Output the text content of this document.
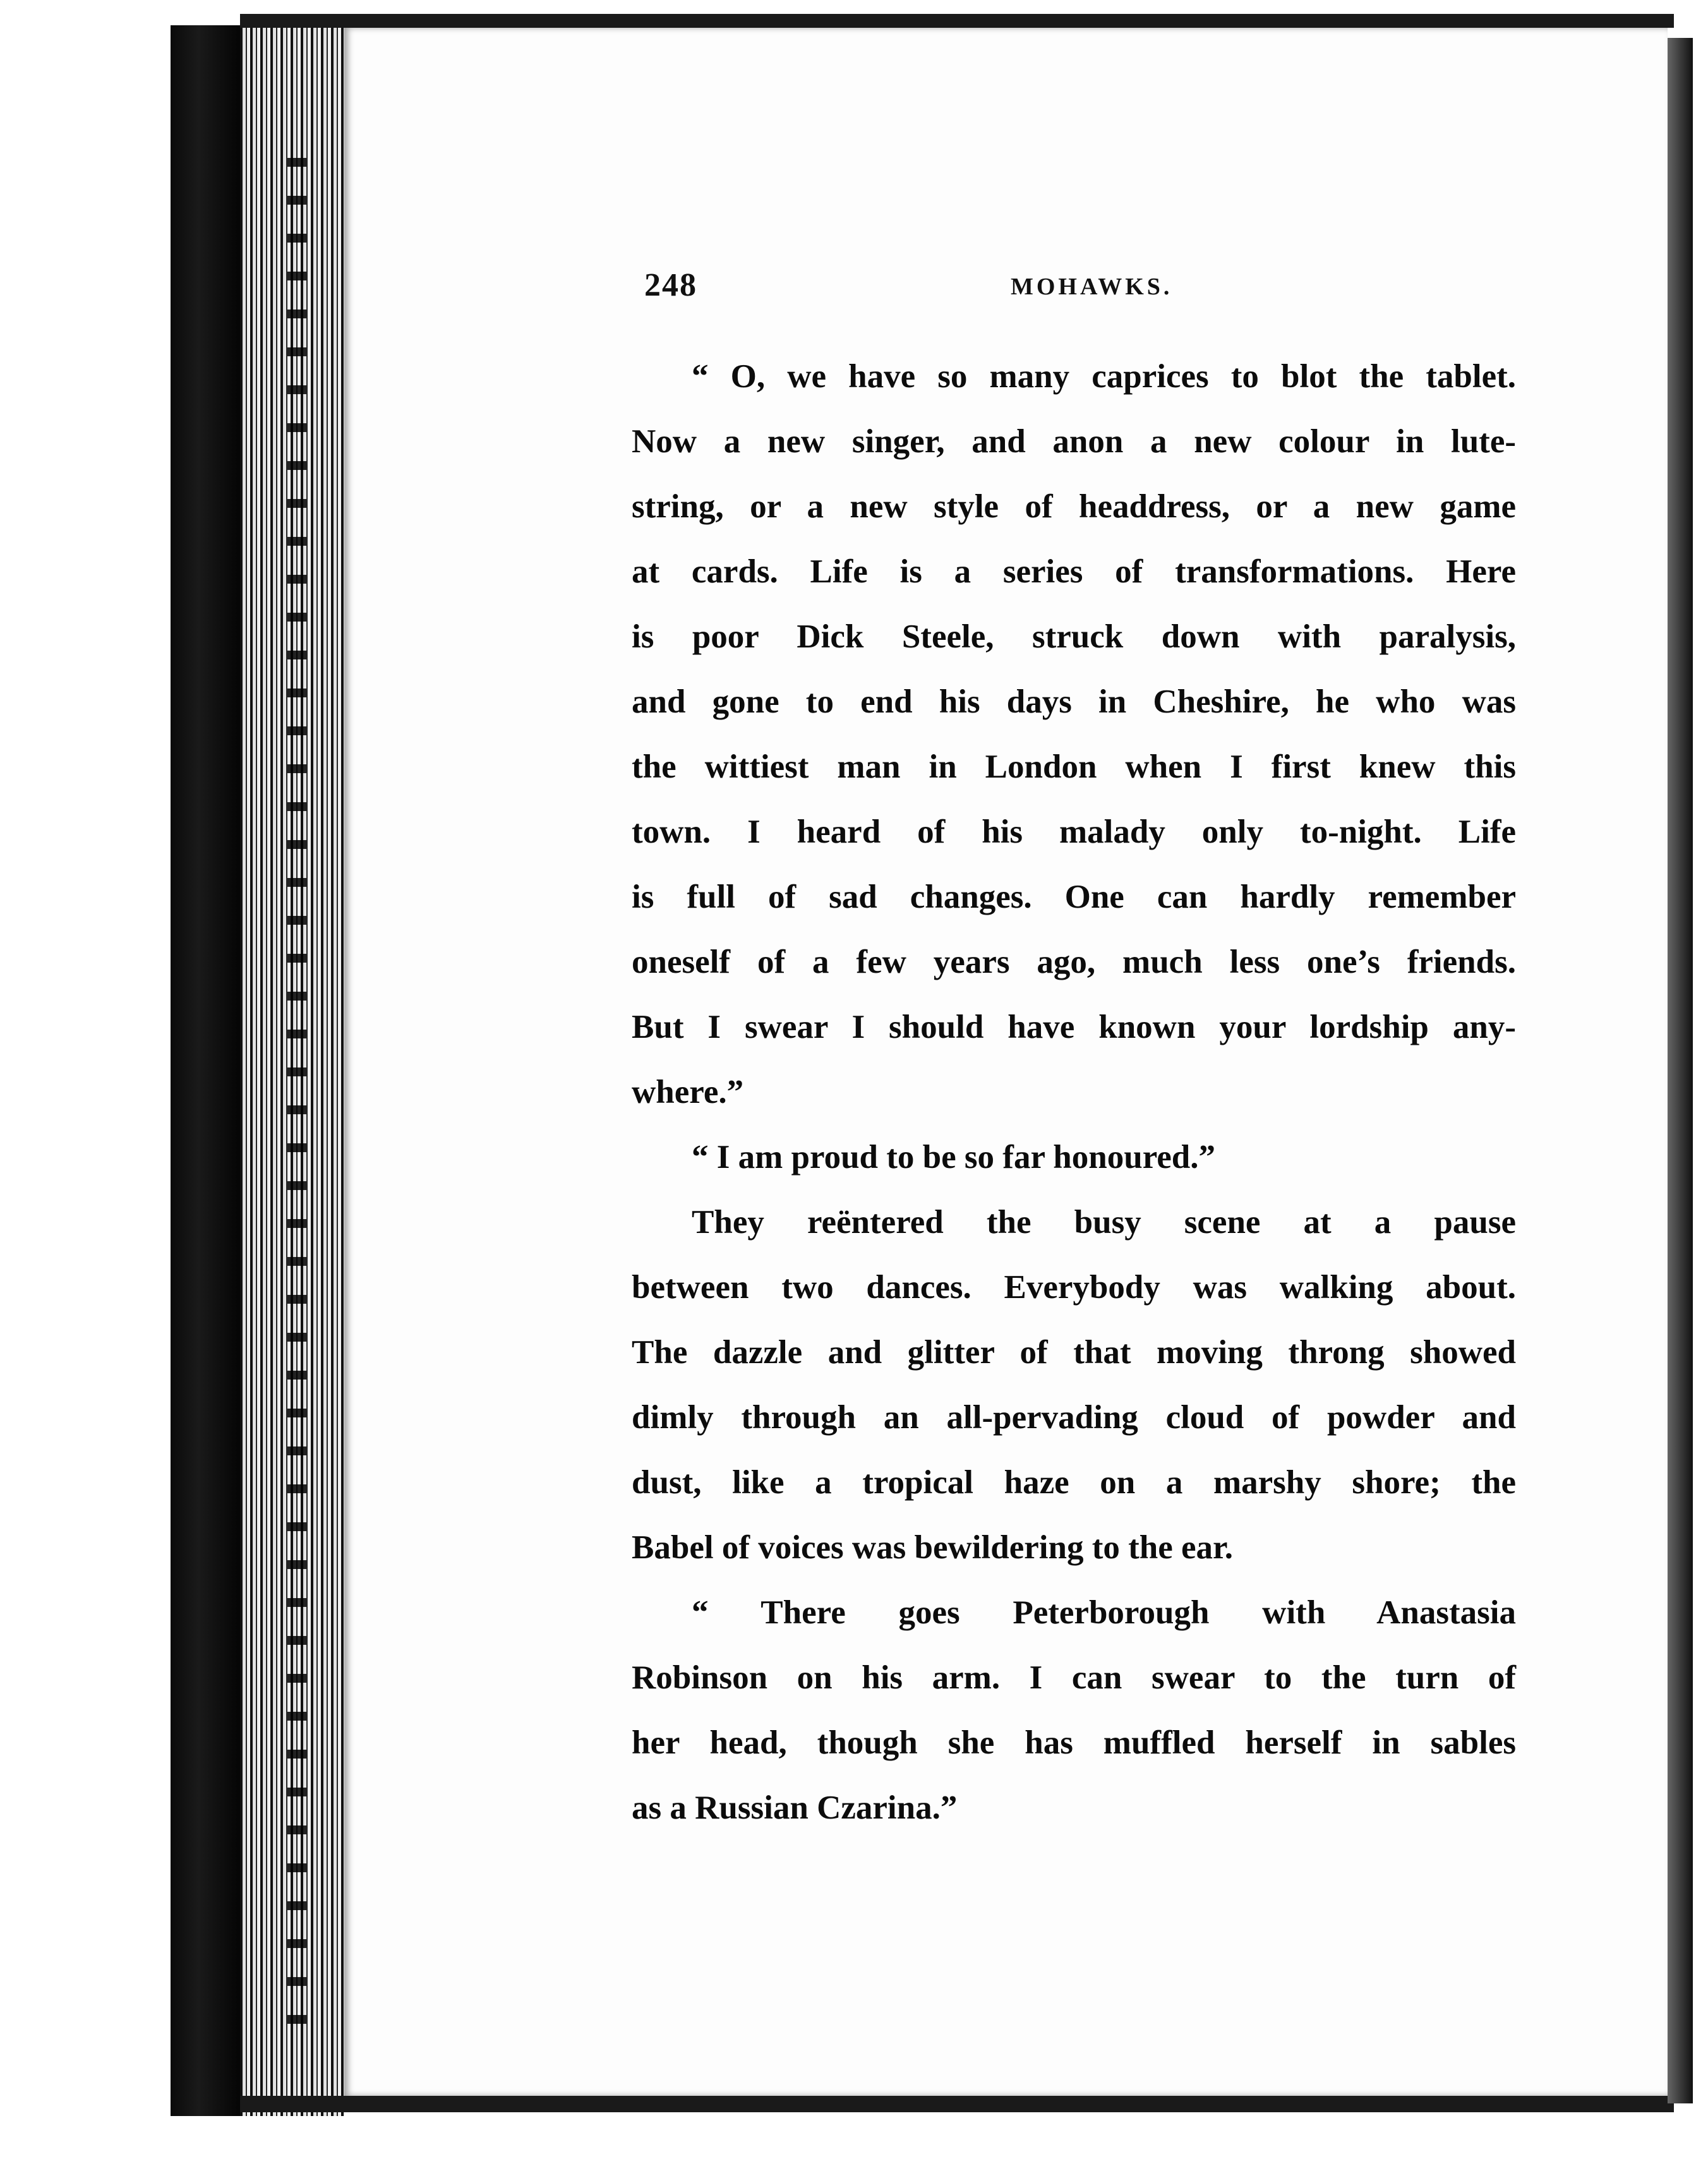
248	MOHAWKS.
“ O, we have so many caprices to blot the tablet.
Now a new singer, and anon a new colour in lute-
string, or a new style of headdress, or a new game
at cards. Life is a series of transformations. Here
is poor Dick Steele, struck down with paralysis,
and gone to end his days in Cheshire, he who was
the wittiest man in London when I first knew this
town. I heard of his malady only to-night. Life
is full of sad changes. One can hardly remember
oneself of a few years ago, much less one’s friends.
But I swear I should have known your lordship any-
where.”
“ I am proud to be so far honoured.”
They reëntered the busy scene at a pause
between two dances. Everybody was walking about.
The dazzle and glitter of that moving throng showed
dimly through an all-pervading cloud of powder and
dust, like a tropical haze on a marshy shore; the
Babel of voices was bewildering to the ear.
“ There goes Peterborough with Anastasia
Robinson on his arm. I can swear to the turn of
her head, though she has muffled herself in sables
as a Russian Czarina.”
